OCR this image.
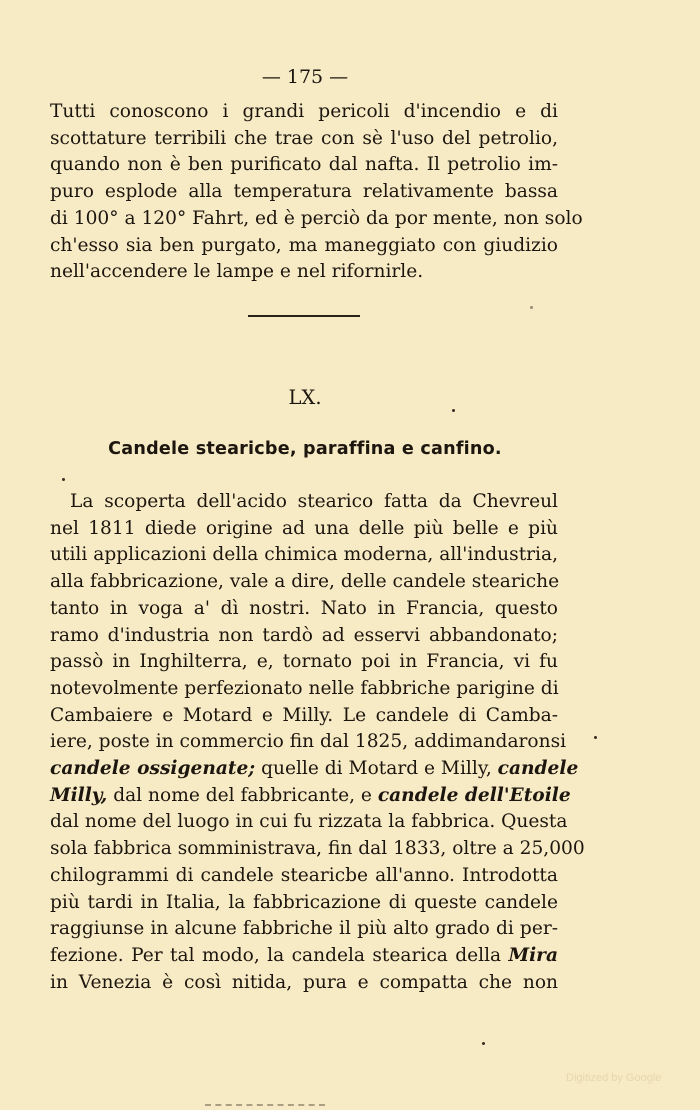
— 175 —
Tutti conoscono i grandi pericoli d'incendio e di
scottature terribili che trae con sè l'uso del petrolio,
quando non è ben purificato dal nafta. Il petrolio im-
puro esplode alla temperatura relativamente bassa
di 100° a 120° Fahrt, ed è perciò da por mente, non solo
ch'esso sia ben purgato, ma maneggiato con giudizio
nell'accendere le lampe e nel rifornirle.
LX.
Candele stearicbe, paraffina e canfino.
La scoperta dell'acido stearico fatta da Chevreul
nel 1811 diede origine ad una delle più belle e più
utili applicazioni della chimica moderna, all'industria,
alla fabbricazione, vale a dire, delle candele steariche
tanto in voga a' dì nostri. Nato in Francia, questo
ramo d'industria non tardò ad esservi abbandonato;
passò in Inghilterra, e, tornato poi in Francia, vi fu
notevolmente perfezionato nelle fabbriche parigine di
Cambaiere e Motard e Milly. Le candele di Camba-
iere, poste in commercio fin dal 1825, addimandaronsi
candele ossigenate; quelle di Motard e Milly, candele
Milly, dal nome del fabbricante, e candele dell'Etoile
dal nome del luogo in cui fu rizzata la fabbrica. Questa
sola fabbrica somministrava, fin dal 1833, oltre a 25,000
chilogrammi di candele stearicbe all'anno. Introdotta
più tardi in Italia, la fabbricazione di queste candele
raggiunse in alcune fabbriche il più alto grado di per-
fezione. Per tal modo, la candela stearica della Mira
in Venezia è così nitida, pura e compatta che non
Digitized by Google
